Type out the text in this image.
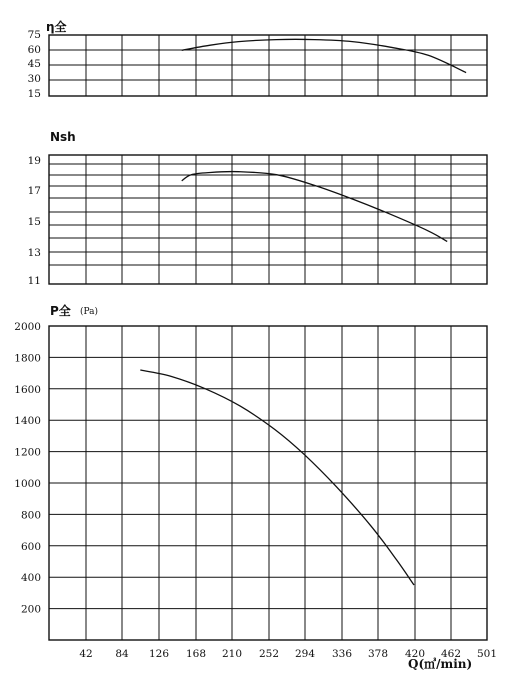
75
60
45
30
15
19
17
15
13
11
2000
1800
1600
1400
1200
1000
800
600
400
200
42 84 126 168 210 252 294 336 378 420 462 501
η全
Nsh
P全 (Pa)
Q(㎥/min)
